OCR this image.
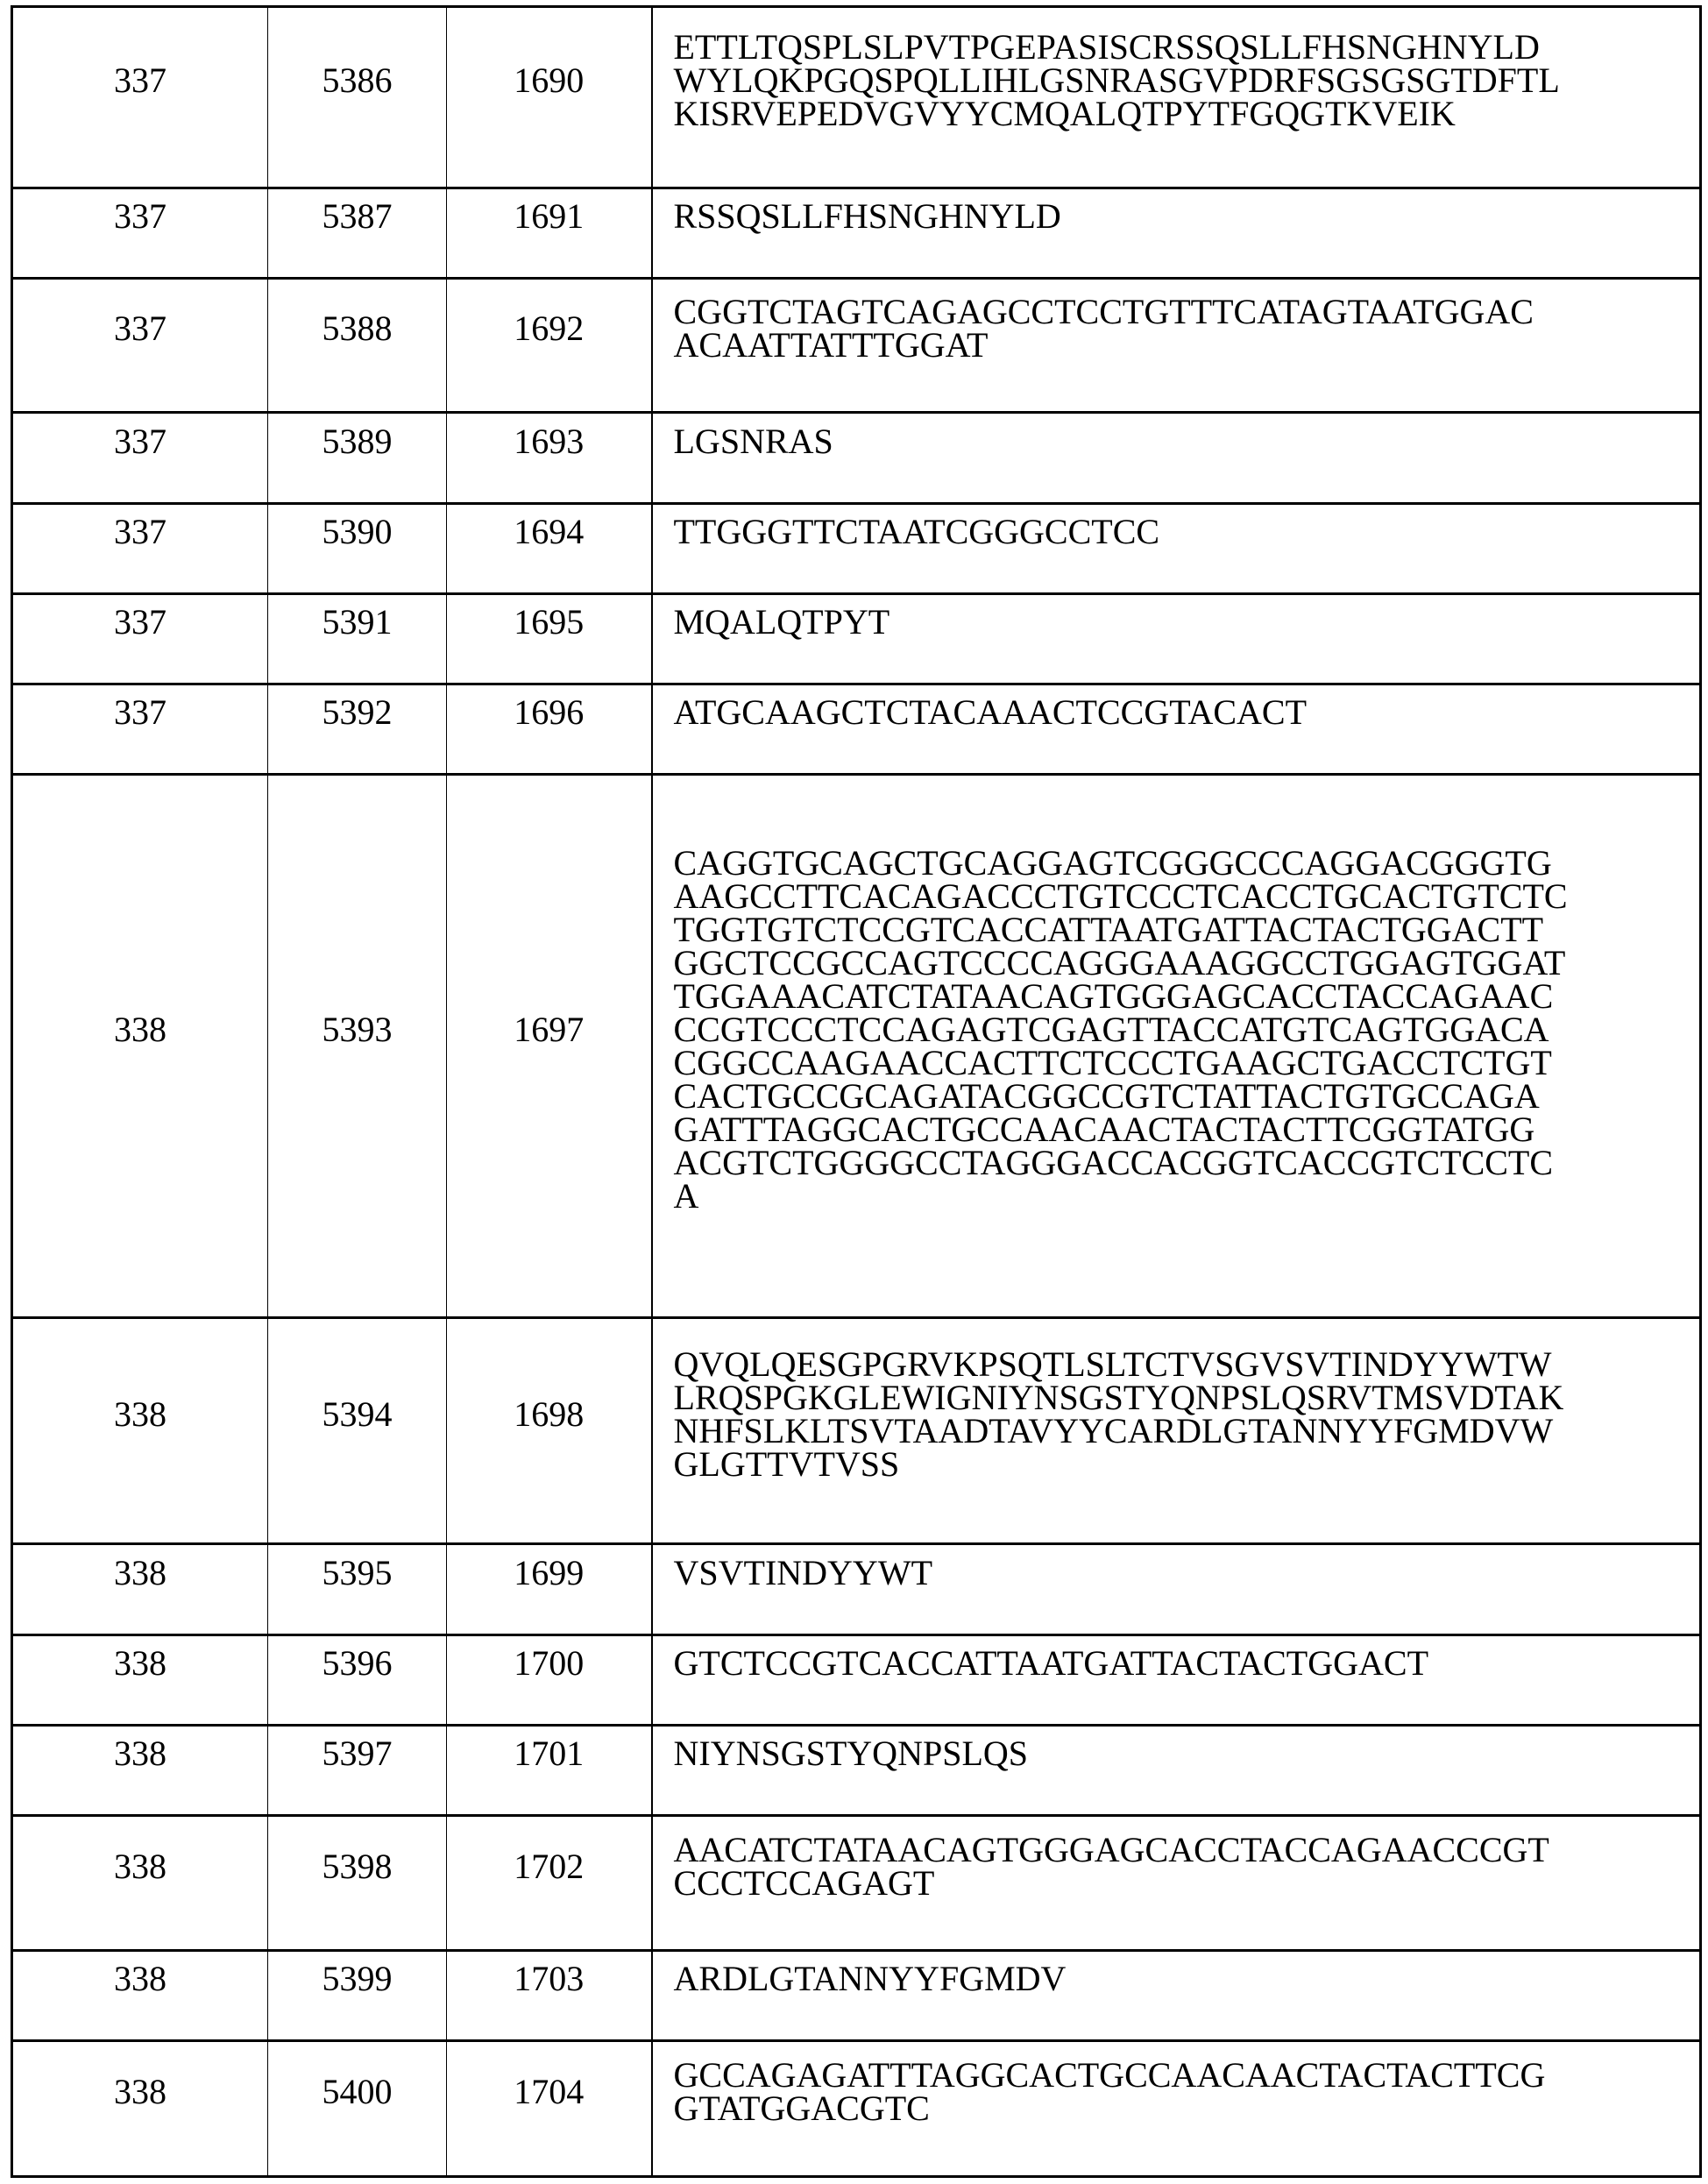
337	5386	1690

ETTLTQSPLSLPVTPGEPASISCRSSQSLLFHSNGHNYLD
WYLQKPGQSPQLLIHLGSNRASGVPDRFSGSGSGTDFTL
KISRVEPEDVGVYYCMQALQTPYTFGQGTKVEIK

337	5387	1691	RSSQSLLFHSNGHNYLD

337	5388	1692	CGGTCTAGTCAGAGCCTCCTGTTTCATAGTAATGGAC
ACAATTATTTGGAT

337	5389	1693	LGSNRAS

337	5390	1694	TTGGGTTCTAATCGGGCCTCC

337	5391	1695	MQALQTPYT

337	5392	1696	ATGCAAGCTCTACAAACTCCGTACACT

338	5393	1697

CAGGTGCAGCTGCAGGAGTCGGGCCCAGGACGGGTG
AAGCCTTCACAGACCCTGTCCCTCACCTGCACTGTCTC
TGGTGTCTCCGTCACCATTAATGATTACTACTGGACTT
GGCTCCGCCAGTCCCCAGGGAAAGGCCTGGAGTGGAT
TGGAAACATCTATAACAGTGGGAGCACCTACCAGAAC
CCGTCCCTCCAGAGTCGAGTTACCATGTCAGTGGACA
CGGCCAAGAACCACTTCTCCCTGAAGCTGACCTCTGT
CACTGCCGCAGATACGGCCGTCTATTACTGTGCCAGA
GATTTAGGCACTGCCAACAACTACTACTTCGGTATGG
ACGTCTGGGGCCTAGGGACCACGGTCACCGTCTCCTC
A

338	5394	1698

QVQLQESGPGRVKPSQTLSLTCTVSGVSVTINDYYWTW
LRQSPGKGLEWIGNIYNSGSTYQNPSLQSRVTMSVDTAK
NHFSLKLTSVTAADTAVYYCARDLGTANNYYFGMDVW
GLGTTVTVSS

338	5395	1699	VSVTINDYYWT

338	5396	1700	GTCTCCGTCACCATTAATGATTACTACTGGACT

338	5397	1701	NIYNSGSTYQNPSLQS

338	5398	1702	AACATCTATAACAGTGGGAGCACCTACCAGAACCCGT
CCCTCCAGAGT

338	5399	1703	ARDLGTANNYYFGMDV

338	5400	1704	GCCAGAGATTTAGGCACTGCCAACAACTACTACTTCG
GTATGGACGTC
